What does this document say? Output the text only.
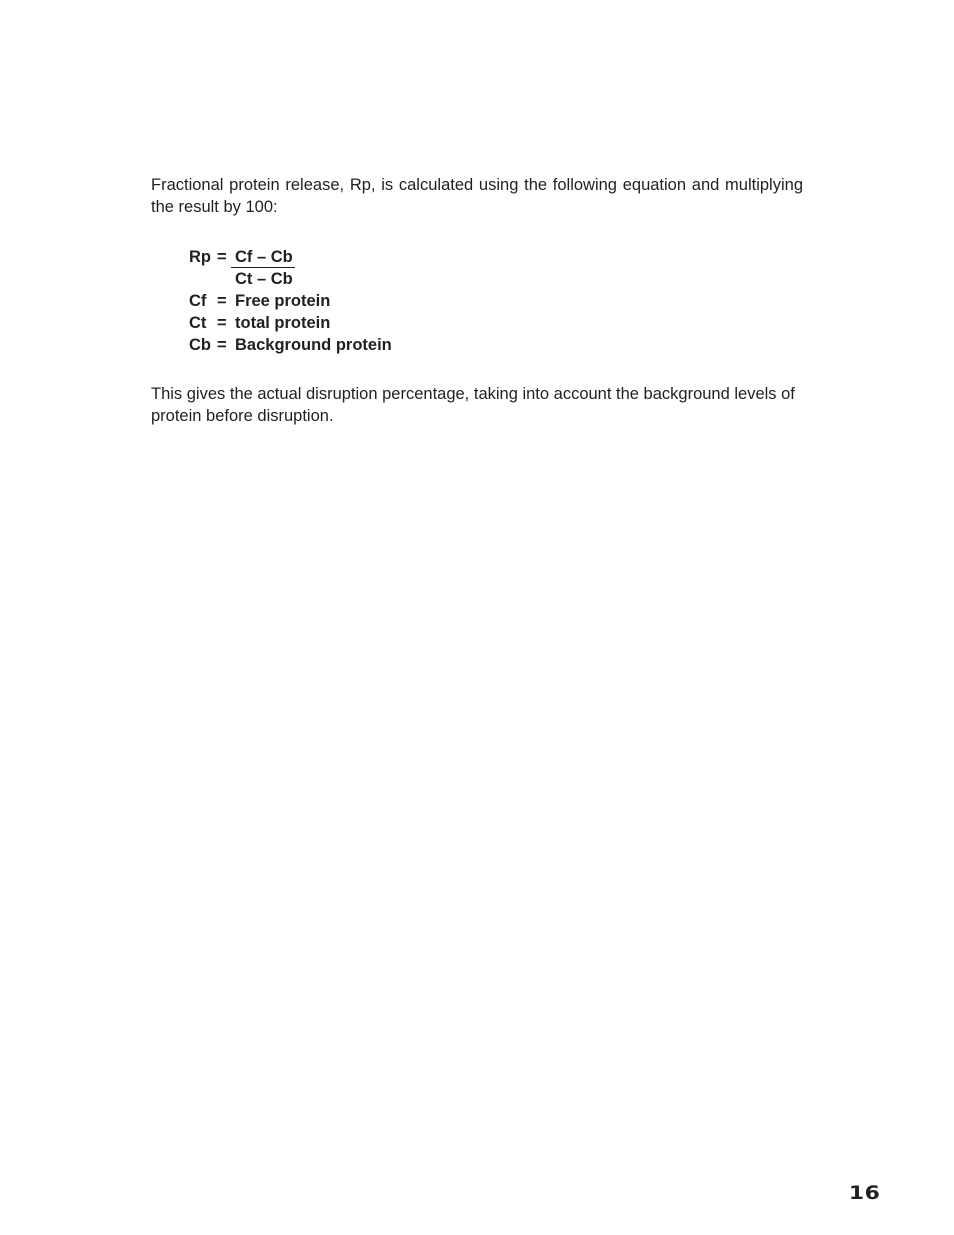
Fractional protein release, Rp, is calculated using the following equation and multiplying the result by 100:

Rp = Cf – Cb
Ct – Cb
Cf = Free protein
Ct = total protein
Cb = Background protein

This gives the actual disruption percentage, taking into account the background levels of protein before disruption.

16
